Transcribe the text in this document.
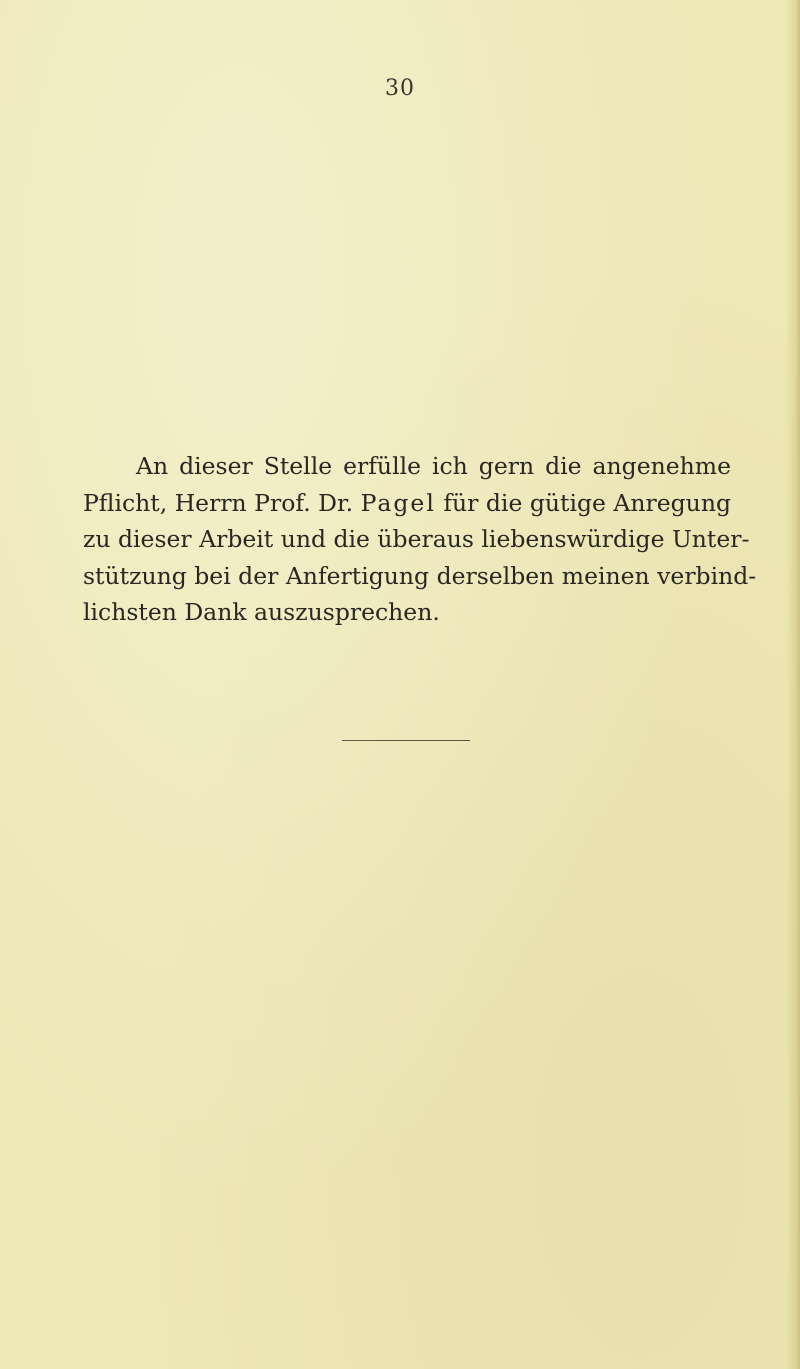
30
An dieser Stelle erfülle ich gern die angenehme
Pflicht, Herrn Prof. Dr. Pagel für die gütige Anregung
zu dieser Arbeit und die überaus liebenswürdige Unter-
stützung bei der Anfertigung derselben meinen verbind-
lichsten Dank auszusprechen.
